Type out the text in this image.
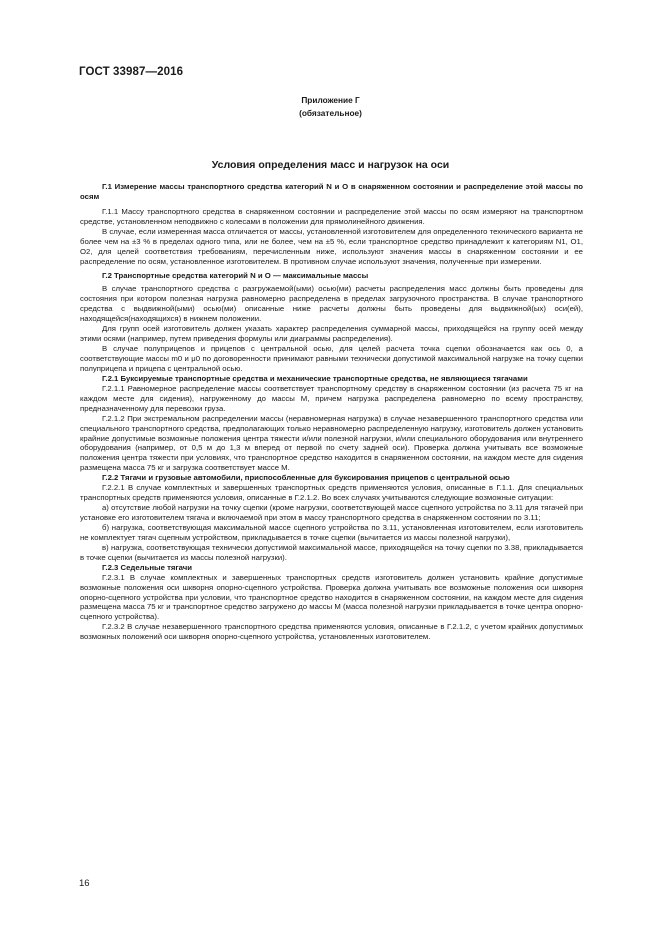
ГОСТ 33987—2016
Приложение Г
(обязательное)
Условия определения масс и нагрузок на оси

Г.1 Измерение массы транспортного средства категорий N и O в снаряженном состоянии и распределение этой массы по осям

Г.1.1 Массу транспортного средства в снаряженном состоянии и распределение этой массы по осям измеряют на транспортном средстве, установленном неподвижно с колесами в положении для прямолинейного движения.

В случае, если измеренная масса отличается от массы, установленной изготовителем для определенного технического варианта не более чем на ±3 % в пределах одного типа, или не более, чем на ±5 %, если транспортное средство принадлежит к категориям N1, O1, O2, для целей соответствия требованиям, перечисленным ниже, используют значения массы в снаряженном состоянии и ее распределение по осям, установленное изготовителем. В противном случае используют значения, полученные при измерении.

Г.2 Транспортные средства категорий N и O — максимальные массы

В случае транспортного средства с разгружаемой(ыми) осью(ми) расчеты распределения масс должны быть проведены для состояния при котором полезная нагрузка равномерно распределена в пределах загрузочного пространства. В случае транспортного средства с выдвижной(ыми) осью(ми) описанные ниже расчеты должны быть проведены для выдвижной(ых) оси(ей), находящейся(находящихся) в нижнем положении.

Для групп осей изготовитель должен указать характер распределения суммарной массы, приходящейся на группу осей между этими осями (например, путем приведения формулы или диаграммы распределения).

В случае полуприцепов и прицепов с центральной осью, для целей расчета точка сцепки обозначается как ось 0, а соответствующие массы m0 и μ0 по договоренности принимают равными технически допустимой максимальной нагрузке на точку сцепки полуприцепа и прицепа с центральной осью.

Г.2.1 Буксируемые транспортные средства и механические транспортные средства, не являющиеся тягачами

Г.2.1.1 Равномерное распределение массы соответствует транспортному средству в снаряженном состоянии (из расчета 75 кг на каждом месте для сидения), нагруженному до массы M, причем нагрузка распределена равномерно по всему пространству, предназначенному для перевозки груза.

Г.2.1.2 При экстремальном распределении массы (неравномерная нагрузка) в случае незавершенного транспортного средства или специального транспортного средства, предполагающих только неравномерно распределенную нагрузку, изготовитель должен установить крайние допустимые возможные положения центра тяжести и/или полезной нагрузки, и/или специального оборудования или внутреннего оборудования (например, от 0,5 м до 1,3 м вперед от первой по счету задней оси). Проверка должна учитывать все возможные положения центра тяжести при условиях, что транспортное средство находится в снаряженном состоянии, на каждом месте для сидения размещена масса 75 кг и загрузка соответствует массе M.

Г.2.2 Тягачи и грузовые автомобили, приспособленные для буксирования прицепов с центральной осью

Г.2.2.1 В случае комплектных и завершенных транспортных средств применяются условия, описанные в Г.1.1. Для специальных транспортных средств применяются условия, описанные в Г.2.1.2. Во всех случаях учитываются следующие возможные ситуации:

а) отсутствие любой нагрузки на точку сцепки (кроме нагрузки, соответствующей массе сцепного устройства по 3.11 для тягачей при установке его изготовителем тягача и включаемой при этом в массу транспортного средства в снаряженном состоянии по 3.11;

б) нагрузка, соответствующая максимальной массе сцепного устройства по 3.11, установленная изготовителем, если изготовитель не комплектует тягач сцепным устройством, прикладывается в точке сцепки (вычитается из массы полезной нагрузки),

в) нагрузка, соответствующая технически допустимой максимальной массе, приходящейся на точку сцепки по 3.38, прикладывается в точке сцепки (вычитается из массы полезной нагрузки).

Г.2.3 Седельные тягачи

Г.2.3.1 В случае комплектных и завершенных транспортных средств изготовитель должен установить крайние допустимые возможные положения оси шкворня опорно-сцепного устройства. Проверка должна учитывать все возможные положения оси шкворня опорно-сцепного устройства при условии, что транспортное средство находится в снаряженном состоянии, на каждом месте для сидения размещена масса 75 кг и транспортное средство загружено до массы M (масса полезной нагрузки прикладывается в точке центра опорно-сцепного устройства).

Г.2.3.2 В случае незавершенного транспортного средства применяются условия, описанные в Г.2.1.2, с учетом крайних допустимых возможных положений оси шкворня опорно-сцепного устройства, установленных изготовителем.

16
